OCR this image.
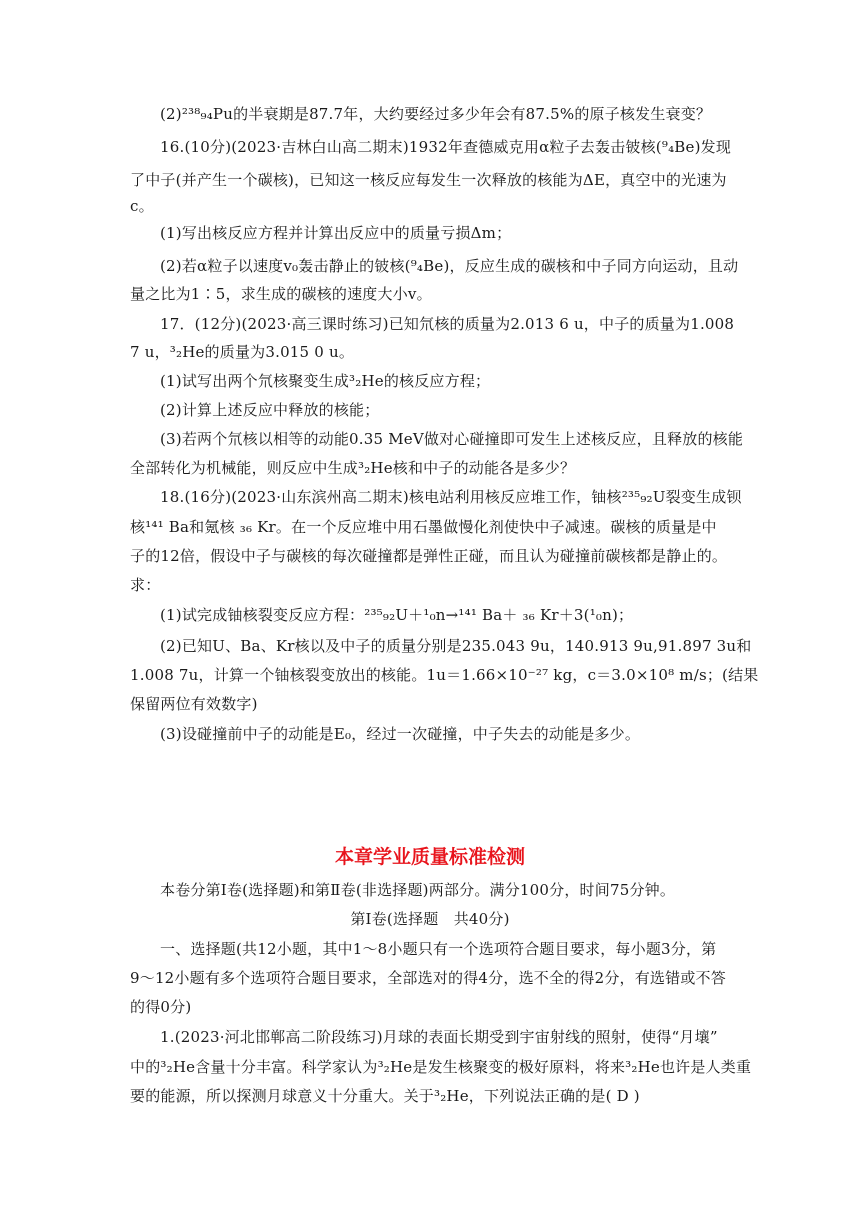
(2)²³⁸₉₄Pu的半衰期是87.7年，大约要经过多少年会有87.5%的原子核发生衰变？
16.(10分)(2023·吉林白山高二期末)1932年查德威克用α粒子去轰击铍核(⁹₄Be)发现
了中子(并产生一个碳核)，已知这一核反应每发生一次释放的核能为ΔE，真空中的光速为
c。
(1)写出核反应方程并计算出反应中的质量亏损Δm；
(2)若α粒子以速度v₀轰击静止的铍核(⁹₄Be)，反应生成的碳核和中子同方向运动，且动
量之比为1∶5，求生成的碳核的速度大小v。
17．(12分)(2023·高三课时练习)已知氘核的质量为2.013 6 u，中子的质量为1.008
7 u，³₂He的质量为3.015 0 u。
(1)试写出两个氘核聚变生成³₂He的核反应方程；
(2)计算上述反应中释放的核能；
(3)若两个氘核以相等的动能0.35 MeV做对心碰撞即可发生上述核反应，且释放的核能
全部转化为机械能，则反应中生成³₂He核和中子的动能各是多少？
18.(16分)(2023·山东滨州高二期末)核电站利用核反应堆工作，铀核²³⁵₉₂U裂变生成钡
核¹⁴¹ Ba和氪核 ₃₆ Kr。在一个反应堆中用石墨做慢化剂使快中子减速。碳核的质量是中
子的12倍，假设中子与碳核的每次碰撞都是弹性正碰，而且认为碰撞前碳核都是静止的。
求：
(1)试完成铀核裂变反应方程：²³⁵₉₂U＋¹₀n→¹⁴¹ Ba＋ ₃₆ Kr＋3(¹₀n)；
(2)已知U、Ba、Kr核以及中子的质量分别是235.043 9u，140.913 9u,91.897 3u和
1.008 7u，计算一个铀核裂变放出的核能。1u＝1.66×10⁻²⁷ kg，c＝3.0×10⁸ m/s；(结果
保留两位有效数字)
(3)设碰撞前中子的动能是E₀，经过一次碰撞，中子失去的动能是多少。
本章学业质量标准检测
本卷分第Ⅰ卷(选择题)和第Ⅱ卷(非选择题)两部分。满分100分，时间75分钟。
第Ⅰ卷(选择题　共40分)
一、选择题(共12小题，其中1～8小题只有一个选项符合题目要求，每小题3分，第
9～12小题有多个选项符合题目要求，全部选对的得4分，选不全的得2分，有选错或不答
的得0分)
1.(2023·河北邯郸高二阶段练习)月球的表面长期受到宇宙射线的照射，使得“月壤”
中的³₂He含量十分丰富。科学家认为³₂He是发生核聚变的极好原料，将来³₂He也许是人类重
要的能源，所以探测月球意义十分重大。关于³₂He，下列说法正确的是( D )
